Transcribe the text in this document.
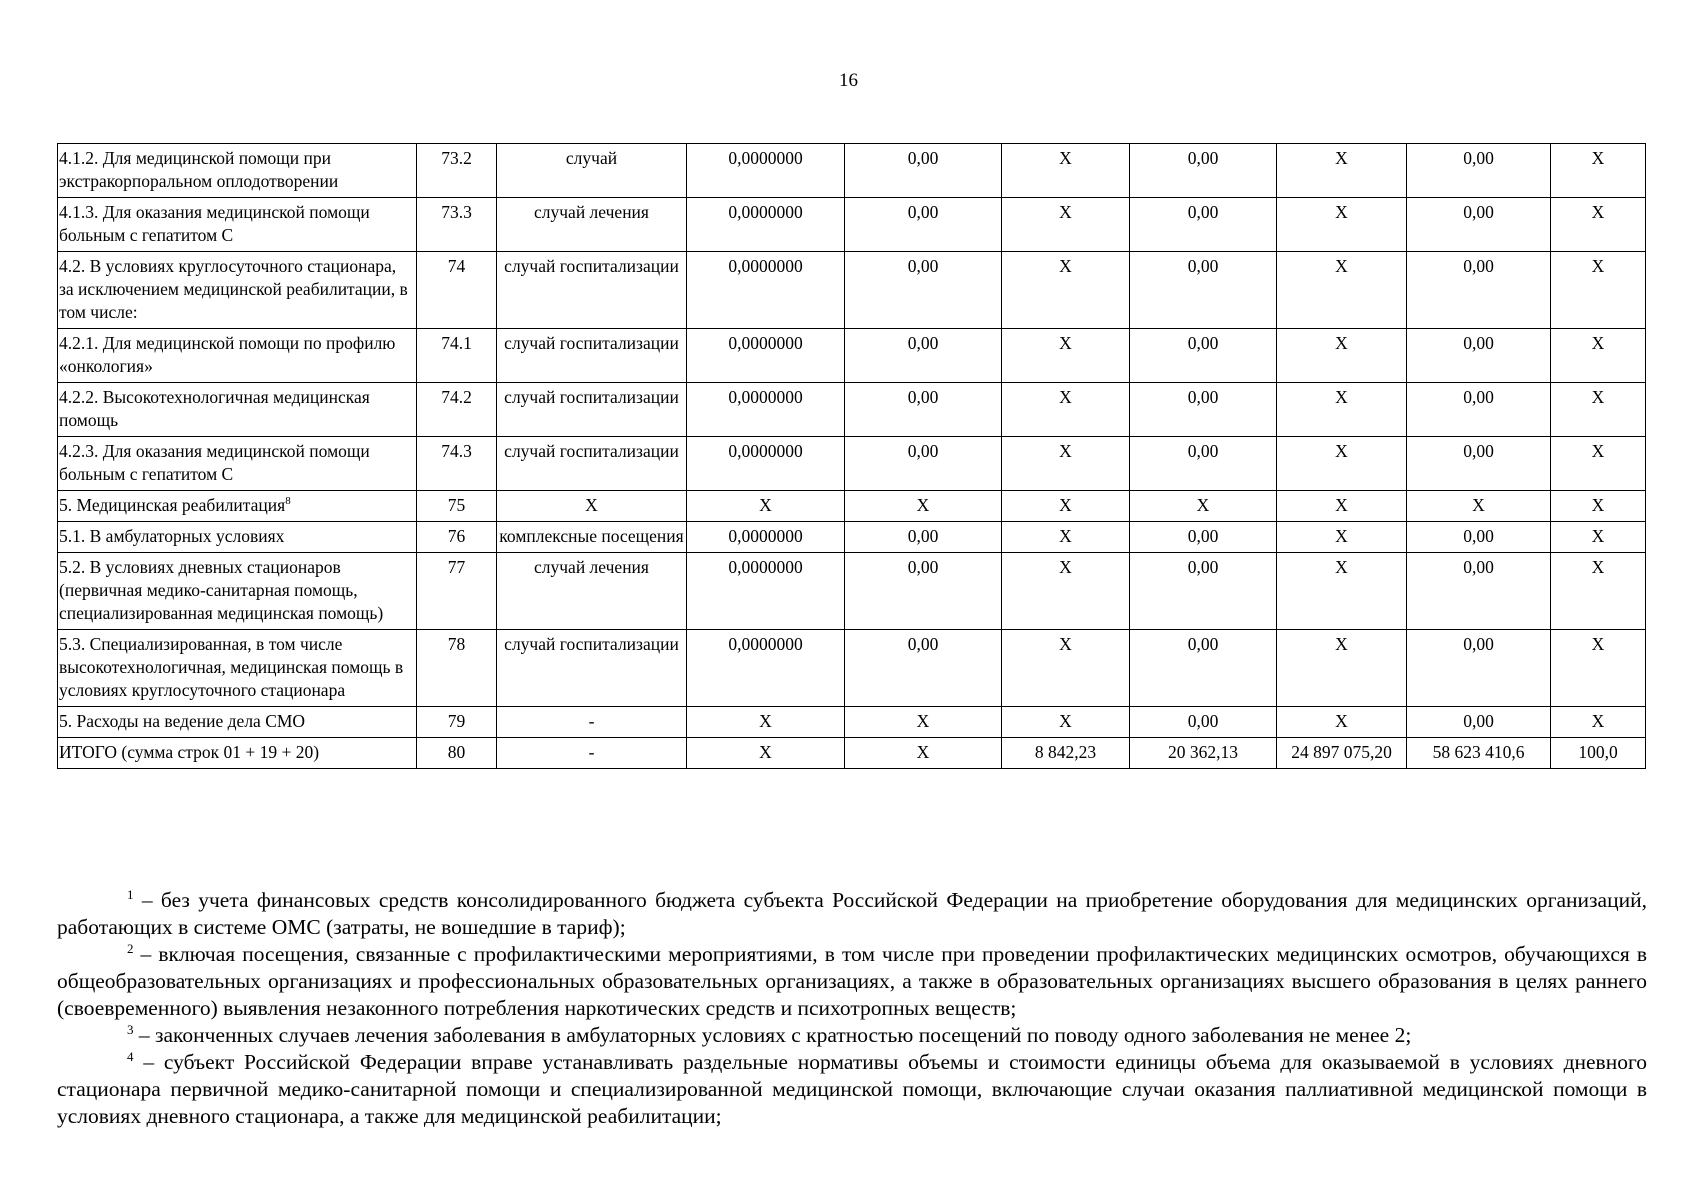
16
4.1.2. Для медицинской помощи при экстракорпоральном оплодотворении	73.2	случай	0,0000000	0,00	X	0,00	X	0,00	X
4.1.3. Для оказания медицинской помощи больным с гепатитом С	73.3	случай лечения	0,0000000	0,00	X	0,00	X	0,00	X
4.2. В условиях круглосуточного стационара, за исключением медицинской реабилитации, в том числе:	74	случай госпитализации	0,0000000	0,00	X	0,00	X	0,00	X
4.2.1. Для медицинской помощи по профилю «онкология»	74.1	случай госпитализации	0,0000000	0,00	X	0,00	X	0,00	X
4.2.2. Высокотехнологичная медицинская помощь	74.2	случай госпитализации	0,0000000	0,00	X	0,00	X	0,00	X
4.2.3. Для оказания медицинской помощи больным с гепатитом С	74.3	случай госпитализации	0,0000000	0,00	X	0,00	X	0,00	X
5. Медицинская реабилитация$^8$	75	X	X	X	X	X	X	X	X
5.1. В амбулаторных условиях	76	комплексные посещения	0,0000000	0,00	X	0,00	X	0,00	X
5.2. В условиях дневных стационаров (первичная медико-санитарная помощь, специализированная медицинская помощь)	77	случай лечения	0,0000000	0,00	X	0,00	X	0,00	X
5.3. Специализированная, в том числе высокотехнологичная, медицинская помощь в условиях круглосуточного стационара	78	случай госпитализации	0,0000000	0,00	X	0,00	X	0,00	X
5. Расходы на ведение дела СМО	79	-	X	X	X	0,00	X	0,00	X
ИТОГО (сумма строк 01 + 19 + 20)	80	-	X	X	8 842,23	20 362,13	24 897 075,20	58 623 410,6	100,0

$^1$ – без учета финансовых средств консолидированного бюджета субъекта Российской Федерации на приобретение оборудования для медицинских организаций, работающих в системе ОМС (затраты, не вошедшие в тариф);

$^2$ – включая посещения, связанные с профилактическими мероприятиями, в том числе при проведении профилактических медицинских осмотров, обучающихся в общеобразовательных организациях и профессиональных образовательных организациях, а также в образовательных организациях высшего образования в целях раннего (своевременного) выявления незаконного потребления наркотических средств и психотропных веществ;

$^3$ – законченных случаев лечения заболевания в амбулаторных условиях с кратностью посещений по поводу одного заболевания не менее 2;

$^4$ – субъект Российской Федерации вправе устанавливать раздельные нормативы объемы и стоимости единицы объема для оказываемой в условиях дневного стационара первичной медико-санитарной помощи и специализированной медицинской помощи, включающие случаи оказания паллиативной медицинской помощи в условиях дневного стационара, а также для медицинской реабилитации;
